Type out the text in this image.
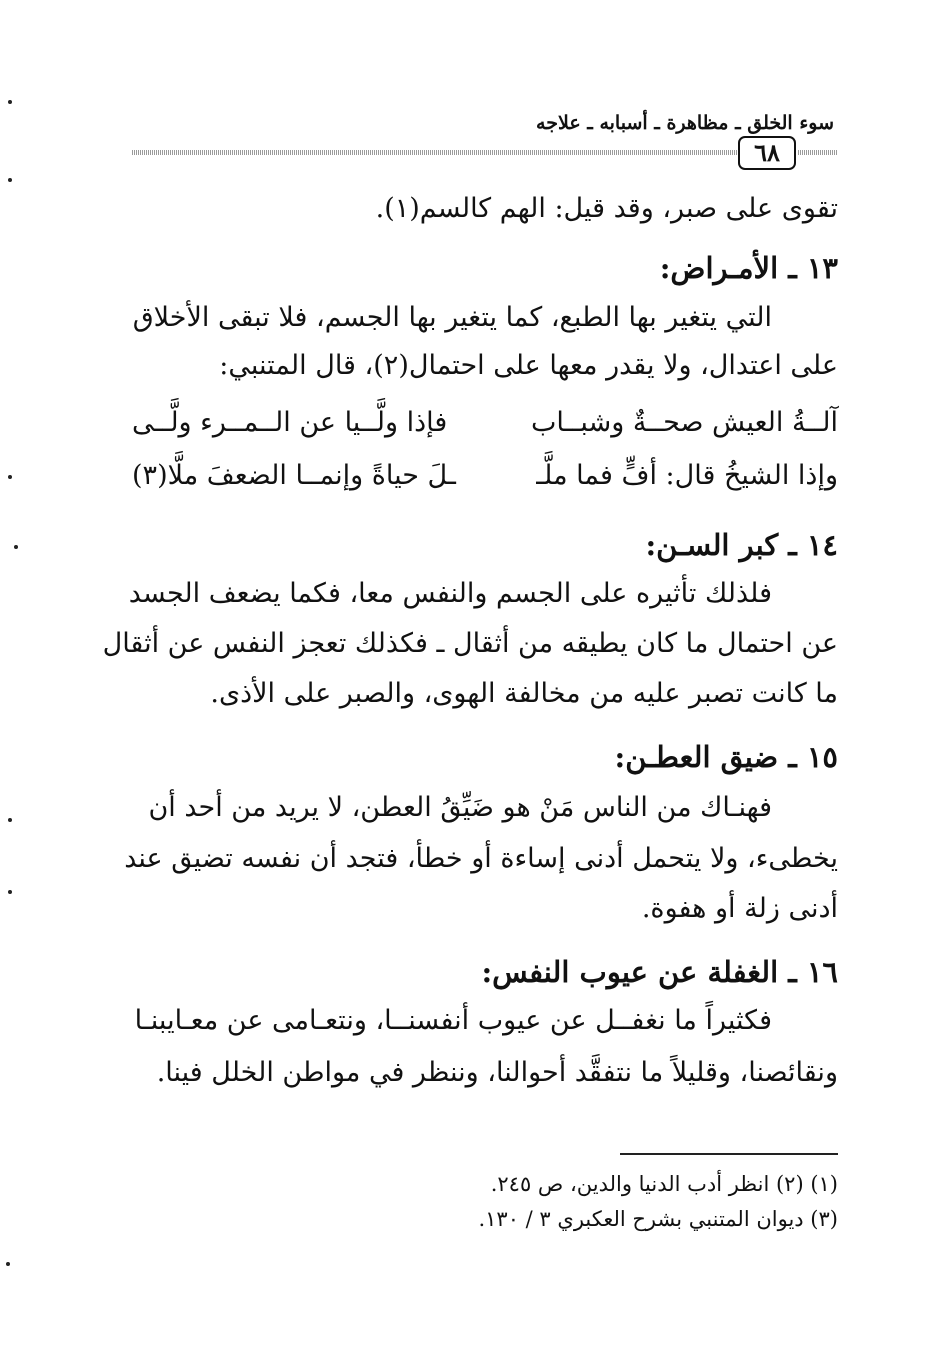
سوء الخلق ـ مظاهرة ـ أسبابه ـ علاجه
٦٨
تقوى على صبر، وقد قيل: الهم كالسم(١).
١٣ ـ الأمـراض:
التي يتغير بها الطبع، كما يتغير بها الجسم، فلا تبقى الأخلاق
على اعتدال، ولا يقدر معها على احتمال(٢)، قال المتنبي:
آلــةُ العيش صحــةٌ وشبــاب
فإذا ولَّــيا عن الــمــرء ولَّــى
وإذا الشيخُ قال: أفٍّ فما ملَّـ
ـلَ حياةً وإنمــا الضعفَ ملَّا(٣)
١٤ ـ كبر السـن:
فلذلك تأثيره على الجسم والنفس معا، فكما يضعف الجسد
عن احتمال ما كان يطيقه من أثقال ـ فكذلك تعجز النفس عن أثقال
ما كانت تصبر عليه من مخالفة الهوى، والصبر على الأذى.
١٥ ـ ضيق العطـن:
فهنـاك من الناس مَنْ هو ضَيِّقُ العطن، لا يريد من أحد أن
يخطىء، ولا يتحمل أدنى إساءة أو خطأ، فتجد أن نفسه تضيق عند
أدنى زلة أو هفوة.
١٦ ـ الغفلة عن عيوب النفس:
فكثيراً ما نغفــل عن عيوب أنفسنــا، ونتعـامى عن معـايبنـا
ونقائصنا، وقليلاً ما نتفقَّد أحوالنا، وننظر في مواطن الخلل فينا.
(١) (٢) انظر أدب الدنيا والدين، ص ٢٤٥.
(٣) ديوان المتنبي بشرح العكبري ٣ / ١٣٠.
